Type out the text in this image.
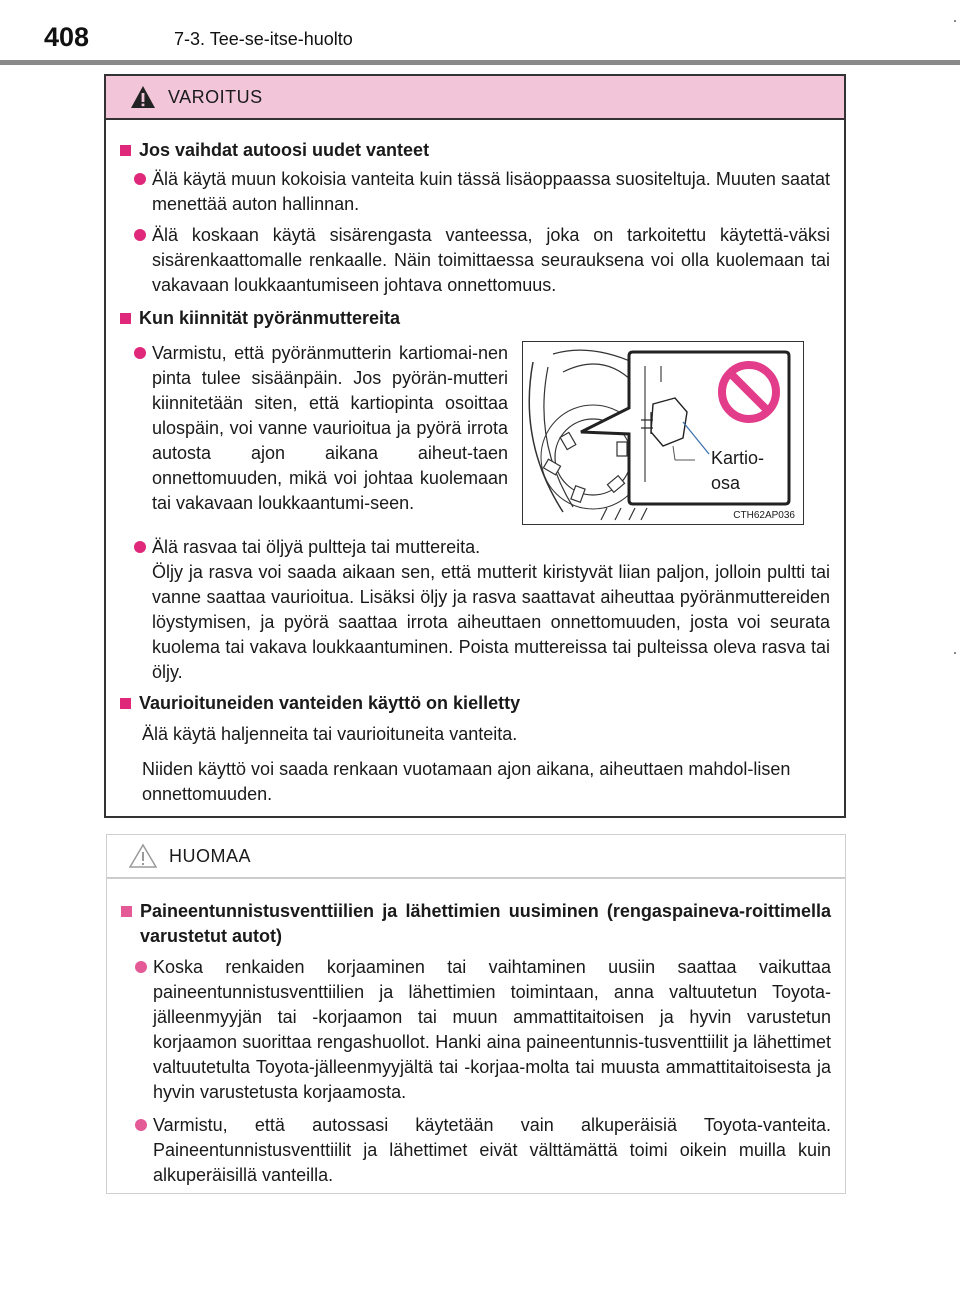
408	7-3. Tee-se-itse-huolto
VAROITUS
Jos vaihdat autoosi uudet vanteet
Älä käytä muun kokoisia vanteita kuin tässä lisäoppaassa suositeltuja. Muuten saatat menettää auton hallinnan.
Älä koskaan käytä sisärengasta vanteessa, joka on tarkoitettu käytettä-väksi sisärenkaattomalle renkaalle. Näin toimittaessa seurauksena voi olla kuolemaan tai vakavaan loukkaantumiseen johtava onnettomuus.
Kun kiinnität pyöränmuttereita
Varmistu, että pyöränmutterin kartiomai-nen pinta tulee sisäänpäin. Jos pyörän-mutteri kiinnitetään siten, että kartiopinta osoittaa ulospäin, voi vanne vaurioitua ja pyörä irrota autosta ajon aikana aiheut-taen onnettomuuden, mikä voi johtaa kuolemaan tai vakavaan loukkaantumi-seen.
Kartio-
osa
CTH62AP036
Älä rasvaa tai öljyä pultteja tai muttereita.
Öljy ja rasva voi saada aikaan sen, että mutterit kiristyvät liian paljon, jolloin pultti tai vanne saattaa vaurioitua. Lisäksi öljy ja rasva saattavat aiheuttaa pyöränmuttereiden löystymisen, ja pyörä saattaa irrota aiheuttaen onnettomuuden, josta voi seurata kuolema tai vakava loukkaantuminen. Poista muttereissa tai pulteissa oleva rasva tai öljy.
Vaurioituneiden vanteiden käyttö on kielletty
Älä käytä haljenneita tai vaurioituneita vanteita.
Niiden käyttö voi saada renkaan vuotamaan ajon aikana, aiheuttaen mahdol-lisen onnettomuuden.
HUOMAA
Paineentunnistusventtiilien ja lähettimien uusiminen (rengaspaineva-roittimella varustetut autot)
Koska renkaiden korjaaminen tai vaihtaminen uusiin saattaa vaikuttaa paineentunnistusventtiilien ja lähettimien toimintaan, anna valtuutetun Toyota-jälleenmyyjän tai -korjaamon tai muun ammattitaitoisen ja hyvin varustetun korjaamon suorittaa rengashuollot. Hanki aina paineentunnis-tusventtiilit ja lähettimet valtuutetulta Toyota-jälleenmyyjältä tai -korjaa-molta tai muusta ammattitaitoisesta ja hyvin varustetusta korjaamosta.
Varmistu, että autossasi käytetään vain alkuperäisiä Toyota-vanteita. Paineentunnistusventtiilit ja lähettimet eivät välttämättä toimi oikein muilla kuin alkuperäisillä vanteilla.
